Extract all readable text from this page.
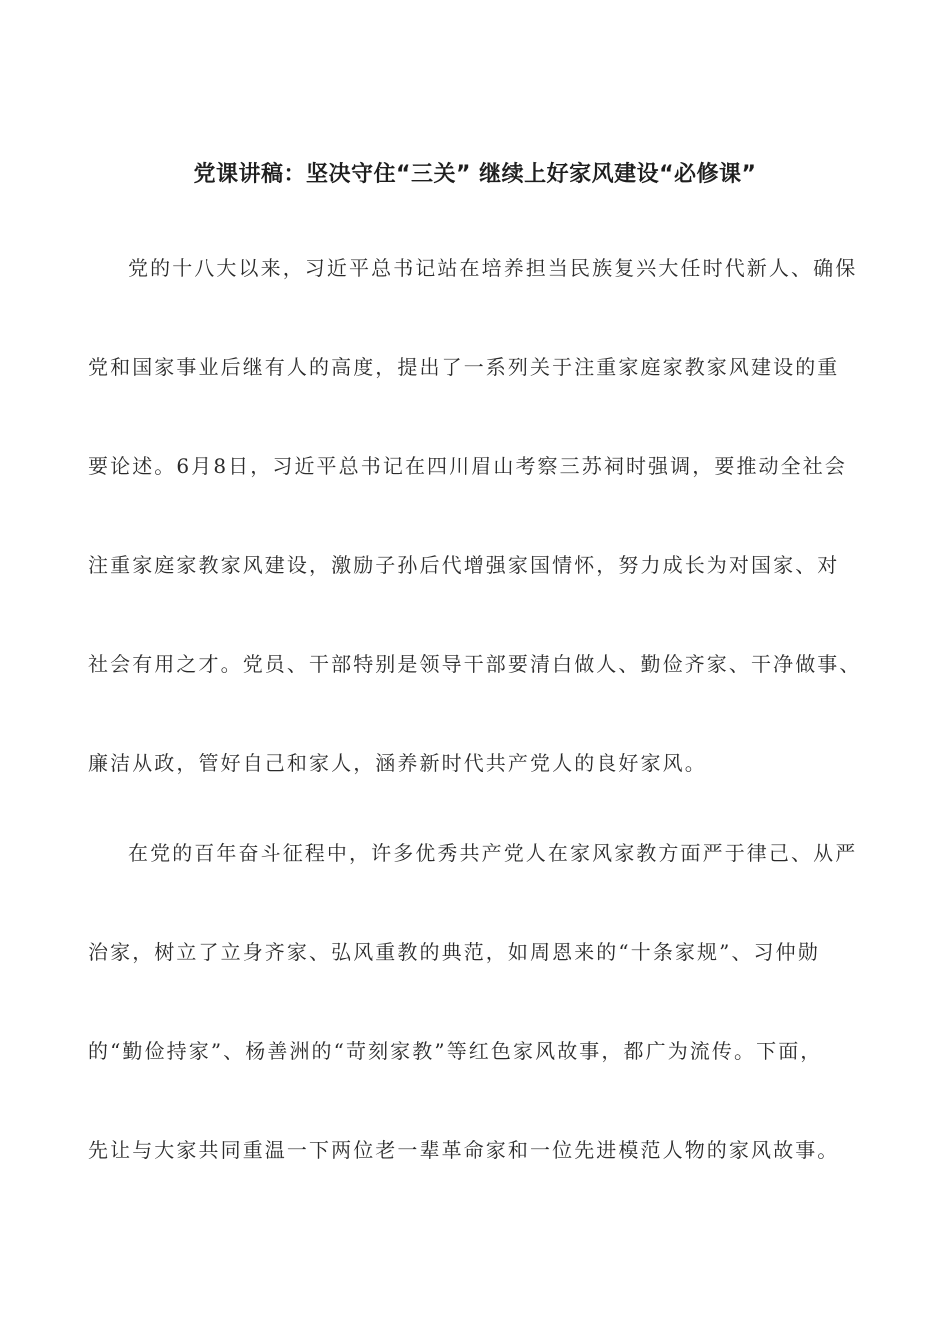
党课讲稿：坚决守住“三关” 继续上好家风建设“必修课”
党的十八大以来，习近平总书记站在培养担当民族复兴大任时代新人、确保
党和国家事业后继有人的高度，提出了一系列关于注重家庭家教家风建设的重
要论述。6月8日，习近平总书记在四川眉山考察三苏祠时强调，要推动全社会
注重家庭家教家风建设，激励子孙后代增强家国情怀，努力成长为对国家、对
社会有用之才。党员、干部特别是领导干部要清白做人、勤俭齐家、干净做事、
廉洁从政，管好自己和家人，涵养新时代共产党人的良好家风。
在党的百年奋斗征程中，许多优秀共产党人在家风家教方面严于律己、从严
治家，树立了立身齐家、弘风重教的典范，如周恩来的“十条家规”、习仲勋
的“勤俭持家”、杨善洲的“苛刻家教”等红色家风故事，都广为流传。下面，
先让与大家共同重温一下两位老一辈革命家和一位先进模范人物的家风故事。
